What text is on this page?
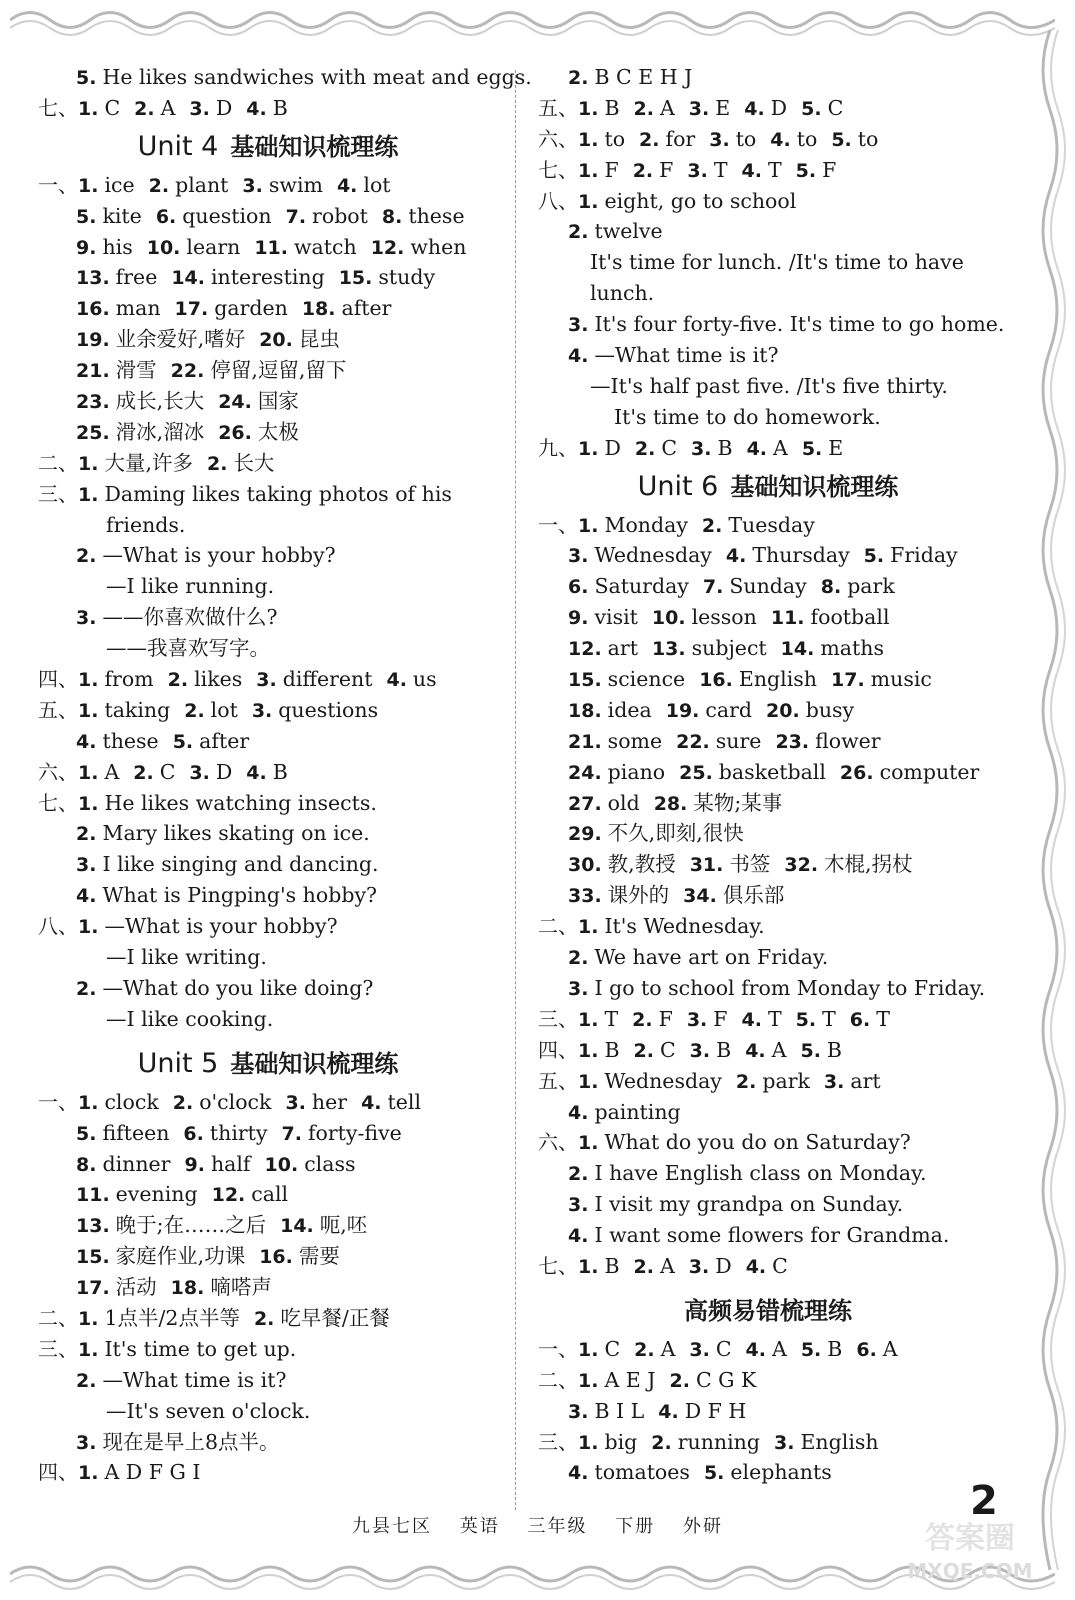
5. He likes sandwiches with meat and eggs.
七、1. C 2. A 3. D 4. B
Unit 4 基础知识梳理练
一、1. ice 2. plant 3. swim 4. lot
5. kite 6. question 7. robot 8. these
9. his 10. learn 11. watch 12. when
13. free 14. interesting 15. study
16. man 17. garden 18. after
19. 业余爱好,嗜好 20. 昆虫
21. 滑雪 22. 停留,逗留,留下
23. 成长,长大 24. 国家
25. 滑冰,溜冰 26. 太极
二、1. 大量,许多 2. 长大
三、1. Daming likes taking photos of his
friends.
2. —What is your hobby?
—I like running.
3. ——你喜欢做什么?
——我喜欢写字。
四、1. from 2. likes 3. different 4. us
五、1. taking 2. lot 3. questions
4. these 5. after
六、1. A 2. C 3. D 4. B
七、1. He likes watching insects.
2. Mary likes skating on ice.
3. I like singing and dancing.
4. What is Pingping's hobby?
八、1. —What is your hobby?
—I like writing.
2. —What do you like doing?
—I like cooking.
Unit 5 基础知识梳理练
一、1. clock 2. o'clock 3. her 4. tell
5. fifteen 6. thirty 7. forty-five
8. dinner 9. half 10. class
11. evening 12. call
13. 晚于;在……之后 14. 呃,呸
15. 家庭作业,功课 16. 需要
17. 活动 18. 嘀嗒声
二、1. 1点半/2点半等 2. 吃早餐/正餐
三、1. It's time to get up.
2. —What time is it?
—It's seven o'clock.
3. 现在是早上8点半。
四、1. A D F G I
2. B C E H J
五、1. B 2. A 3. E 4. D 5. C
六、1. to 2. for 3. to 4. to 5. to
七、1. F 2. F 3. T 4. T 5. F
八、1. eight, go to school
2. twelve
It's time for lunch. /It's time to have
lunch.
3. It's four forty-five. It's time to go home.
4. —What time is it?
—It's half past five. /It's five thirty.
It's time to do homework.
九、1. D 2. C 3. B 4. A 5. E
Unit 6 基础知识梳理练
一、1. Monday 2. Tuesday
3. Wednesday 4. Thursday 5. Friday
6. Saturday 7. Sunday 8. park
9. visit 10. lesson 11. football
12. art 13. subject 14. maths
15. science 16. English 17. music
18. idea 19. card 20. busy
21. some 22. sure 23. flower
24. piano 25. basketball 26. computer
27. old 28. 某物;某事
29. 不久,即刻,很快
30. 教,教授 31. 书签 32. 木棍,拐杖
33. 课外的 34. 俱乐部
二、1. It's Wednesday.
2. We have art on Friday.
3. I go to school from Monday to Friday.
三、1. T 2. F 3. F 4. T 5. T 6. T
四、1. B 2. C 3. B 4. A 5. B
五、1. Wednesday 2. park 3. art
4. painting
六、1. What do you do on Saturday?
2. I have English class on Monday.
3. I visit my grandpa on Sunday.
4. I want some flowers for Grandma.
七、1. B 2. A 3. D 4. C
高频易错梳理练
一、1. C 2. A 3. C 4. A 5. B 6. A
二、1. A E J 2. C G K
3. B I L 4. D F H
三、1. big 2. running 3. English
4. tomatoes 5. elephants
九县七区 英语 三年级 下册 外研
2
答案圈
MXQE.COM
